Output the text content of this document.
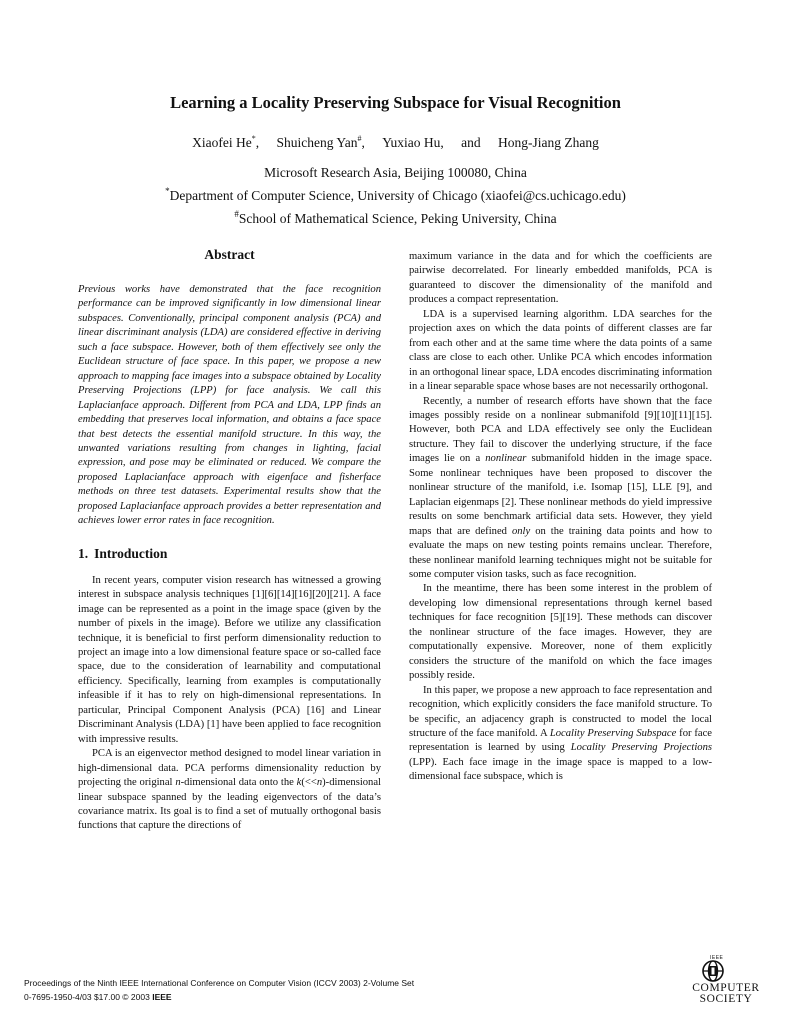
Learning a Locality Preserving Subspace for Visual Recognition
Xiaofei He*, Shuicheng Yan#, Yuxiao Hu, and Hong-Jiang Zhang
Microsoft Research Asia, Beijing 100080, China
*Department of Computer Science, University of Chicago (xiaofei@cs.uchicago.edu)
#School of Mathematical Science, Peking University, China
Abstract

Previous works have demonstrated that the face recognition performance can be improved significantly in low dimensional linear subspaces. Conventionally, principal component analysis (PCA) and linear discriminant analysis (LDA) are considered effective in deriving such a face subspace. However, both of them effectively see only the Euclidean structure of face space. In this paper, we propose a new approach to mapping face images into a subspace obtained by Locality Preserving Projections (LPP) for face analysis. We call this Laplacianface approach. Different from PCA and LDA, LPP finds an embedding that preserves local information, and obtains a face space that best detects the essential manifold structure. In this way, the unwanted variations resulting from changes in lighting, facial expression, and pose may be eliminated or reduced. We compare the proposed Laplacianface approach with eigenface and fisherface methods on three test datasets. Experimental results show that the proposed Laplacianface approach provides a better representation and achieves lower error rates in face recognition.

1. Introduction

In recent years, computer vision research has witnessed a growing interest in subspace analysis techniques [1][6][14][16][20][21]. A face image can be represented as a point in the image space (given by the number of pixels in the image). Before we utilize any classification technique, it is beneficial to first perform dimensionality reduction to project an image into a low dimensional feature space or so-called face space, due to the consideration of learnability and computational efficiency. Specifically, learning from examples is computationally infeasible if it has to rely on high-dimensional representations. In particular, Principal Component Analysis (PCA) [16] and Linear Discriminant Analysis (LDA) [1] have been applied to face recognition with impressive results.

PCA is an eigenvector method designed to model linear variation in high-dimensional data. PCA performs dimensionality reduction by projecting the original n-dimensional data onto the k(<<n)-dimensional linear subspace spanned by the leading eigenvectors of the data’s covariance matrix. Its goal is to find a set of mutually orthogonal basis functions that capture the directions of

maximum variance in the data and for which the coefficients are pairwise decorrelated. For linearly embedded manifolds, PCA is guaranteed to discover the dimensionality of the manifold and produces a compact representation.

LDA is a supervised learning algorithm. LDA searches for the projection axes on which the data points of different classes are far from each other and at the same time where the data points of a same class are close to each other. Unlike PCA which encodes information in an orthogonal linear space, LDA encodes discriminating information in a linear separable space whose bases are not necessarily orthogonal.

Recently, a number of research efforts have shown that the face images possibly reside on a nonlinear submanifold [9][10][11][15]. However, both PCA and LDA effectively see only the Euclidean structure. They fail to discover the underlying structure, if the face images lie on a nonlinear submanifold hidden in the image space. Some nonlinear techniques have been proposed to discover the nonlinear structure of the manifold, i.e. Isomap [15], LLE [9], and Laplacian eigenmaps [2]. These nonlinear methods do yield impressive results on some benchmark artificial data sets. However, they yield maps that are defined only on the training data points and how to evaluate the maps on new testing points remains unclear. Therefore, these nonlinear manifold learning techniques might not be suitable for some computer vision tasks, such as face recognition.

In the meantime, there has been some interest in the problem of developing low dimensional representations through kernel based techniques for face recognition [5][19]. These methods can discover the nonlinear structure of the face images. However, they are computationally expensive. Moreover, none of them explicitly considers the structure of the manifold on which the face images possibly reside.

In this paper, we propose a new approach to face representation and recognition, which explicitly considers the face manifold structure. To be specific, an adjacency graph is constructed to model the local structure of the face manifold. A Locality Preserving Subspace for face representation is learned by using Locality Preserving Projections (LPP). Each face image in the image space is mapped to a low-dimensional face subspace, which is

Proceedings of the Ninth IEEE International Conference on Computer Vision (ICCV 2003) 2-Volume Set
0-7695-1950-4/03 $17.00 © 2003 IEEE
IEEE
COMPUTER
SOCIETY
